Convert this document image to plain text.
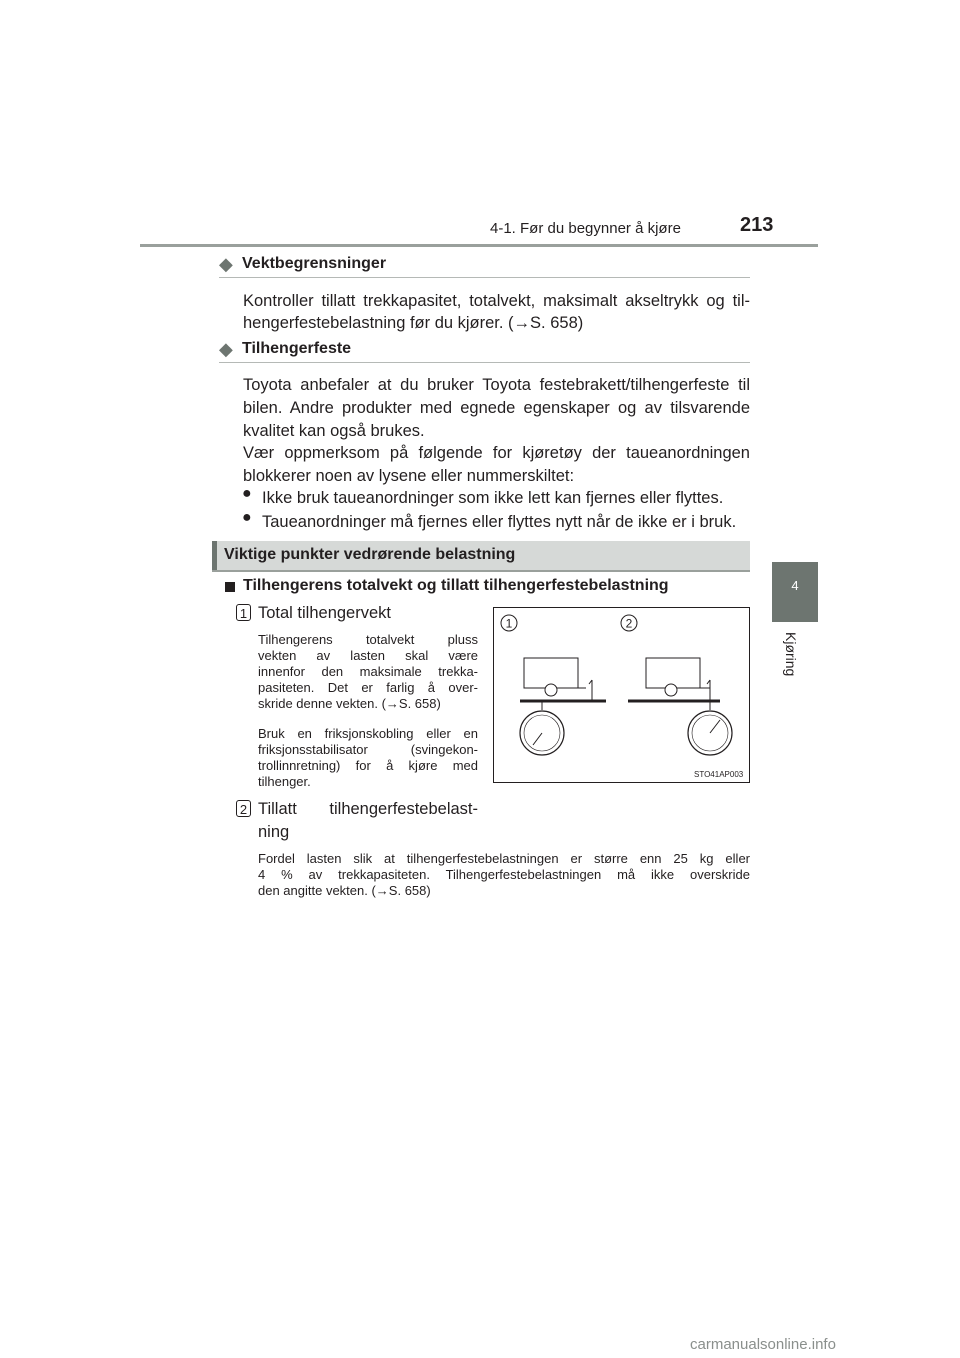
4-1. Før du begynner å kjøre	213
4
Kjøring
◆ Vektbegrensninger
Kontroller tillatt trekkapasitet, totalvekt, maksimalt akseltrykk og til-
hengerfestebelastning før du kjører. (→S. 658)
◆ Tilhengerfeste
Toyota anbefaler at du bruker Toyota festebrakett/tilhengerfeste til
bilen. Andre produkter med egnede egenskaper og av tilsvarende
kvalitet kan også brukes.
Vær oppmerksom på følgende for kjøretøy der taueanordningen
blokkerer noen av lysene eller nummerskiltet:
● Ikke bruk taueanordninger som ikke lett kan fjernes eller flyttes.
● Taueanordninger må fjernes eller flyttes nytt når de ikke er i bruk.
Viktige punkter vedrørende belastning
Tilhengerens totalvekt og tillatt tilhengerfestebelastning
1 Total tilhengervekt
Tilhengerens totalvekt pluss
vekten av lasten skal være
innenfor den maksimale trekka-
pasiteten. Det er farlig å over-
skride denne vekten. (→S. 658)
Bruk en friksjonskobling eller en
friksjonsstabilisator (svingekon-
trollinnretning) for å kjøre med
tilhenger.
2 Tillatt tilhengerfestebelast-
ning
Fordel lasten slik at tilhengerfestebelastningen er større enn 25 kg eller
4 % av trekkapasiteten. Tilhengerfestebelastningen må ikke overskride
den angitte vekten. (→S. 658)
1	2
STO41AP003
carmanualsonline.info
